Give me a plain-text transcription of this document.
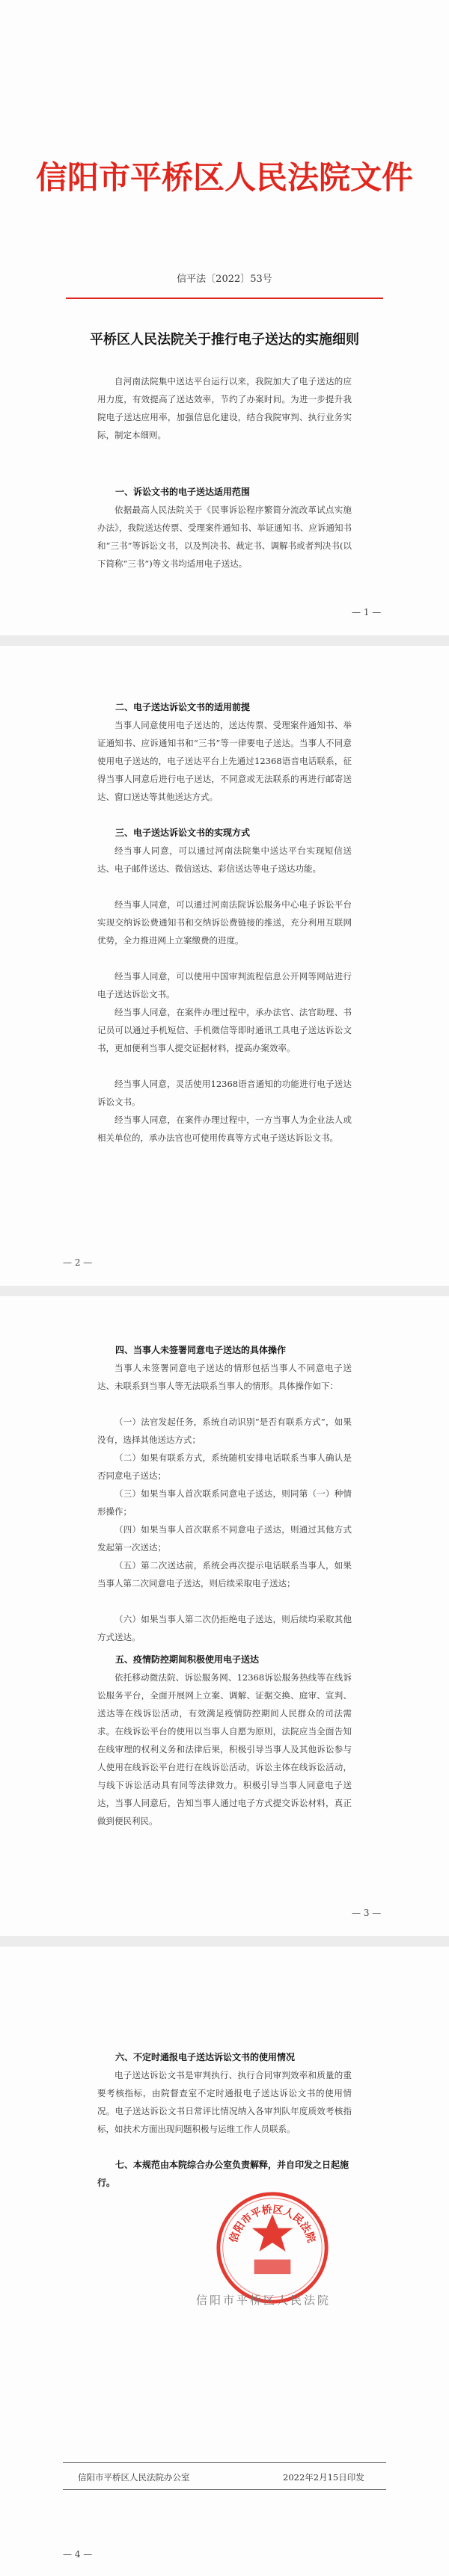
信阳市平桥区人民法院文件
信平法〔2022〕53号
平桥区人民法院关于推行电子送达的实施细则
自河南法院集中送达平台运行以来，我院加大了电子送达的应用力度，有效提高了送达效率，节约了办案时间。为进一步提升我院电子送达应用率，加强信息化建设，结合我院审判、执行业务实际，制定本细则。
一、诉讼文书的电子送达适用范围
依据最高人民法院关于《民事诉讼程序繁简分流改革试点实施办法》，我院送达传票、受理案件通知书、举证通知书、应诉通知书和“三书”等诉讼文书，以及判决书、裁定书、调解书或者判决书(以下简称“三书”)等文书均适用电子送达。
— 1 —
二、电子送达诉讼文书的适用前提
当事人同意使用电子送达的，送达传票、受理案件通知书、举证通知书、应诉通知书和“三书”等一律要电子送达。当事人不同意使用电子送达的，电子送达平台上先通过12368语音电话联系，征得当事人同意后进行电子送达，不同意或无法联系的再进行邮寄送达、窗口送达等其他送达方式。
三、电子送达诉讼文书的实现方式
经当事人同意，可以通过河南法院集中送达平台实现短信送达、电子邮件送达、微信送达、彩信送达等电子送达功能。
经当事人同意，可以通过河南法院诉讼服务中心电子诉讼平台实现交纳诉讼费通知书和交纳诉讼费链接的推送，充分利用互联网优势，全力推进网上立案缴费的进度。
经当事人同意，可以使用中国审判流程信息公开网等网站进行电子送达诉讼文书。
经当事人同意，在案件办理过程中，承办法官、法官助理、书记员可以通过手机短信、手机微信等即时通讯工具电子送达诉讼文书，更加便利当事人提交证据材料，提高办案效率。
经当事人同意，灵活使用12368语音通知的功能进行电子送达诉讼文书。
经当事人同意，在案件办理过程中，一方当事人为企业法人或相关单位的，承办法官也可使用传真等方式电子送达诉讼文书。
— 2 —
四、当事人未签署同意电子送达的具体操作
当事人未签署同意电子送达的情形包括当事人不同意电子送达、未联系到当事人等无法联系当事人的情形。具体操作如下：
（一）法官发起任务，系统自动识别“是否有联系方式”，如果没有，选择其他送达方式；
（二）如果有联系方式，系统随机安排电话联系当事人确认是否同意电子送达；
（三）如果当事人首次联系同意电子送达，则同第（一）种情形操作；
（四）如果当事人首次联系不同意电子送达，则通过其他方式发起第一次送达；
（五）第二次送达前，系统会再次提示电话联系当事人，如果当事人第二次同意电子送达，则后续采取电子送达；
（六）如果当事人第二次仍拒绝电子送达，则后续均采取其他方式送达。
五、疫情防控期间积极使用电子送达
依托移动微法院、诉讼服务网、12368诉讼服务热线等在线诉讼服务平台，全面开展网上立案、调解、证据交换、庭审、宣判、送达等在线诉讼活动，有效满足疫情防控期间人民群众的司法需求。在线诉讼平台的使用以当事人自愿为原则，法院应当全面告知在线审理的权利义务和法律后果，积极引导当事人及其他诉讼参与人使用在线诉讼平台进行在线诉讼活动，诉讼主体在线诉讼活动，与线下诉讼活动具有同等法律效力。积极引导当事人同意电子送达，当事人同意后，告知当事人通过电子方式提交诉讼材料，真正做到便民利民。
— 3 —
六、不定时通报电子送达诉讼文书的使用情况
电子送达诉讼文书是审判执行、执行合同审判效率和质量的重要考核指标，由院督查室不定时通报电子送达诉讼文书的使用情况。电子送达诉讼文书日常评比情况纳入各审判队年度质效考核指标，如扶术方面出现问题积极与运维工作人员联系。
七、本规范由本院综合办公室负责解释，并自印发之日起施行。
信阳市平桥区人民法院
信阳市平桥区人民法院
信阳市平桥区人民法院办公室	2022年2月15日印发
— 4 —
